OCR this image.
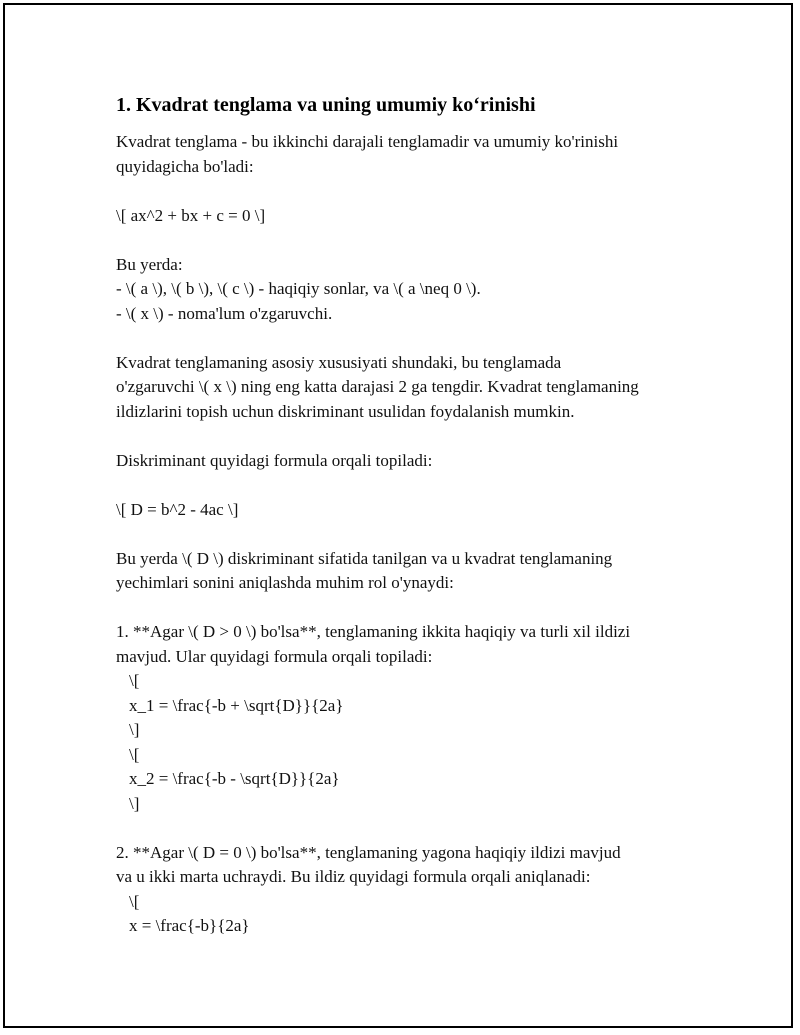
1. Kvadrat tenglama va uning umumiy ko‘rinishi
Kvadrat tenglama - bu ikkinchi darajali tenglamadir va umumiy ko'rinishi
quyidagicha bo'ladi:
\[ ax^2 + bx + c = 0 \]
Bu yerda:
- \( a \), \( b \), \( c \) - haqiqiy sonlar, va \( a \neq 0 \).
- \( x \) - noma'lum o'zgaruvchi.
Kvadrat tenglamaning asosiy xususiyati shundaki, bu tenglamada
o'zgaruvchi \( x \) ning eng katta darajasi 2 ga tengdir. Kvadrat tenglamaning
ildizlarini topish uchun diskriminant usulidan foydalanish mumkin.
Diskriminant quyidagi formula orqali topiladi:
\[ D = b^2 - 4ac \]
Bu yerda \( D \) diskriminant sifatida tanilgan va u kvadrat tenglamaning
yechimlari sonini aniqlashda muhim rol o'ynaydi:
1. **Agar \( D > 0 \) bo'lsa**, tenglamaning ikkita haqiqiy va turli xil ildizi
mavjud. Ular quyidagi formula orqali topiladi:
\[
x_1 = \frac{-b + \sqrt{D}}{2a}
\]
\[
x_2 = \frac{-b - \sqrt{D}}{2a}
\]
2. **Agar \( D = 0 \) bo'lsa**, tenglamaning yagona haqiqiy ildizi mavjud
va u ikki marta uchraydi. Bu ildiz quyidagi formula orqali aniqlanadi:
\[
x = \frac{-b}{2a}
